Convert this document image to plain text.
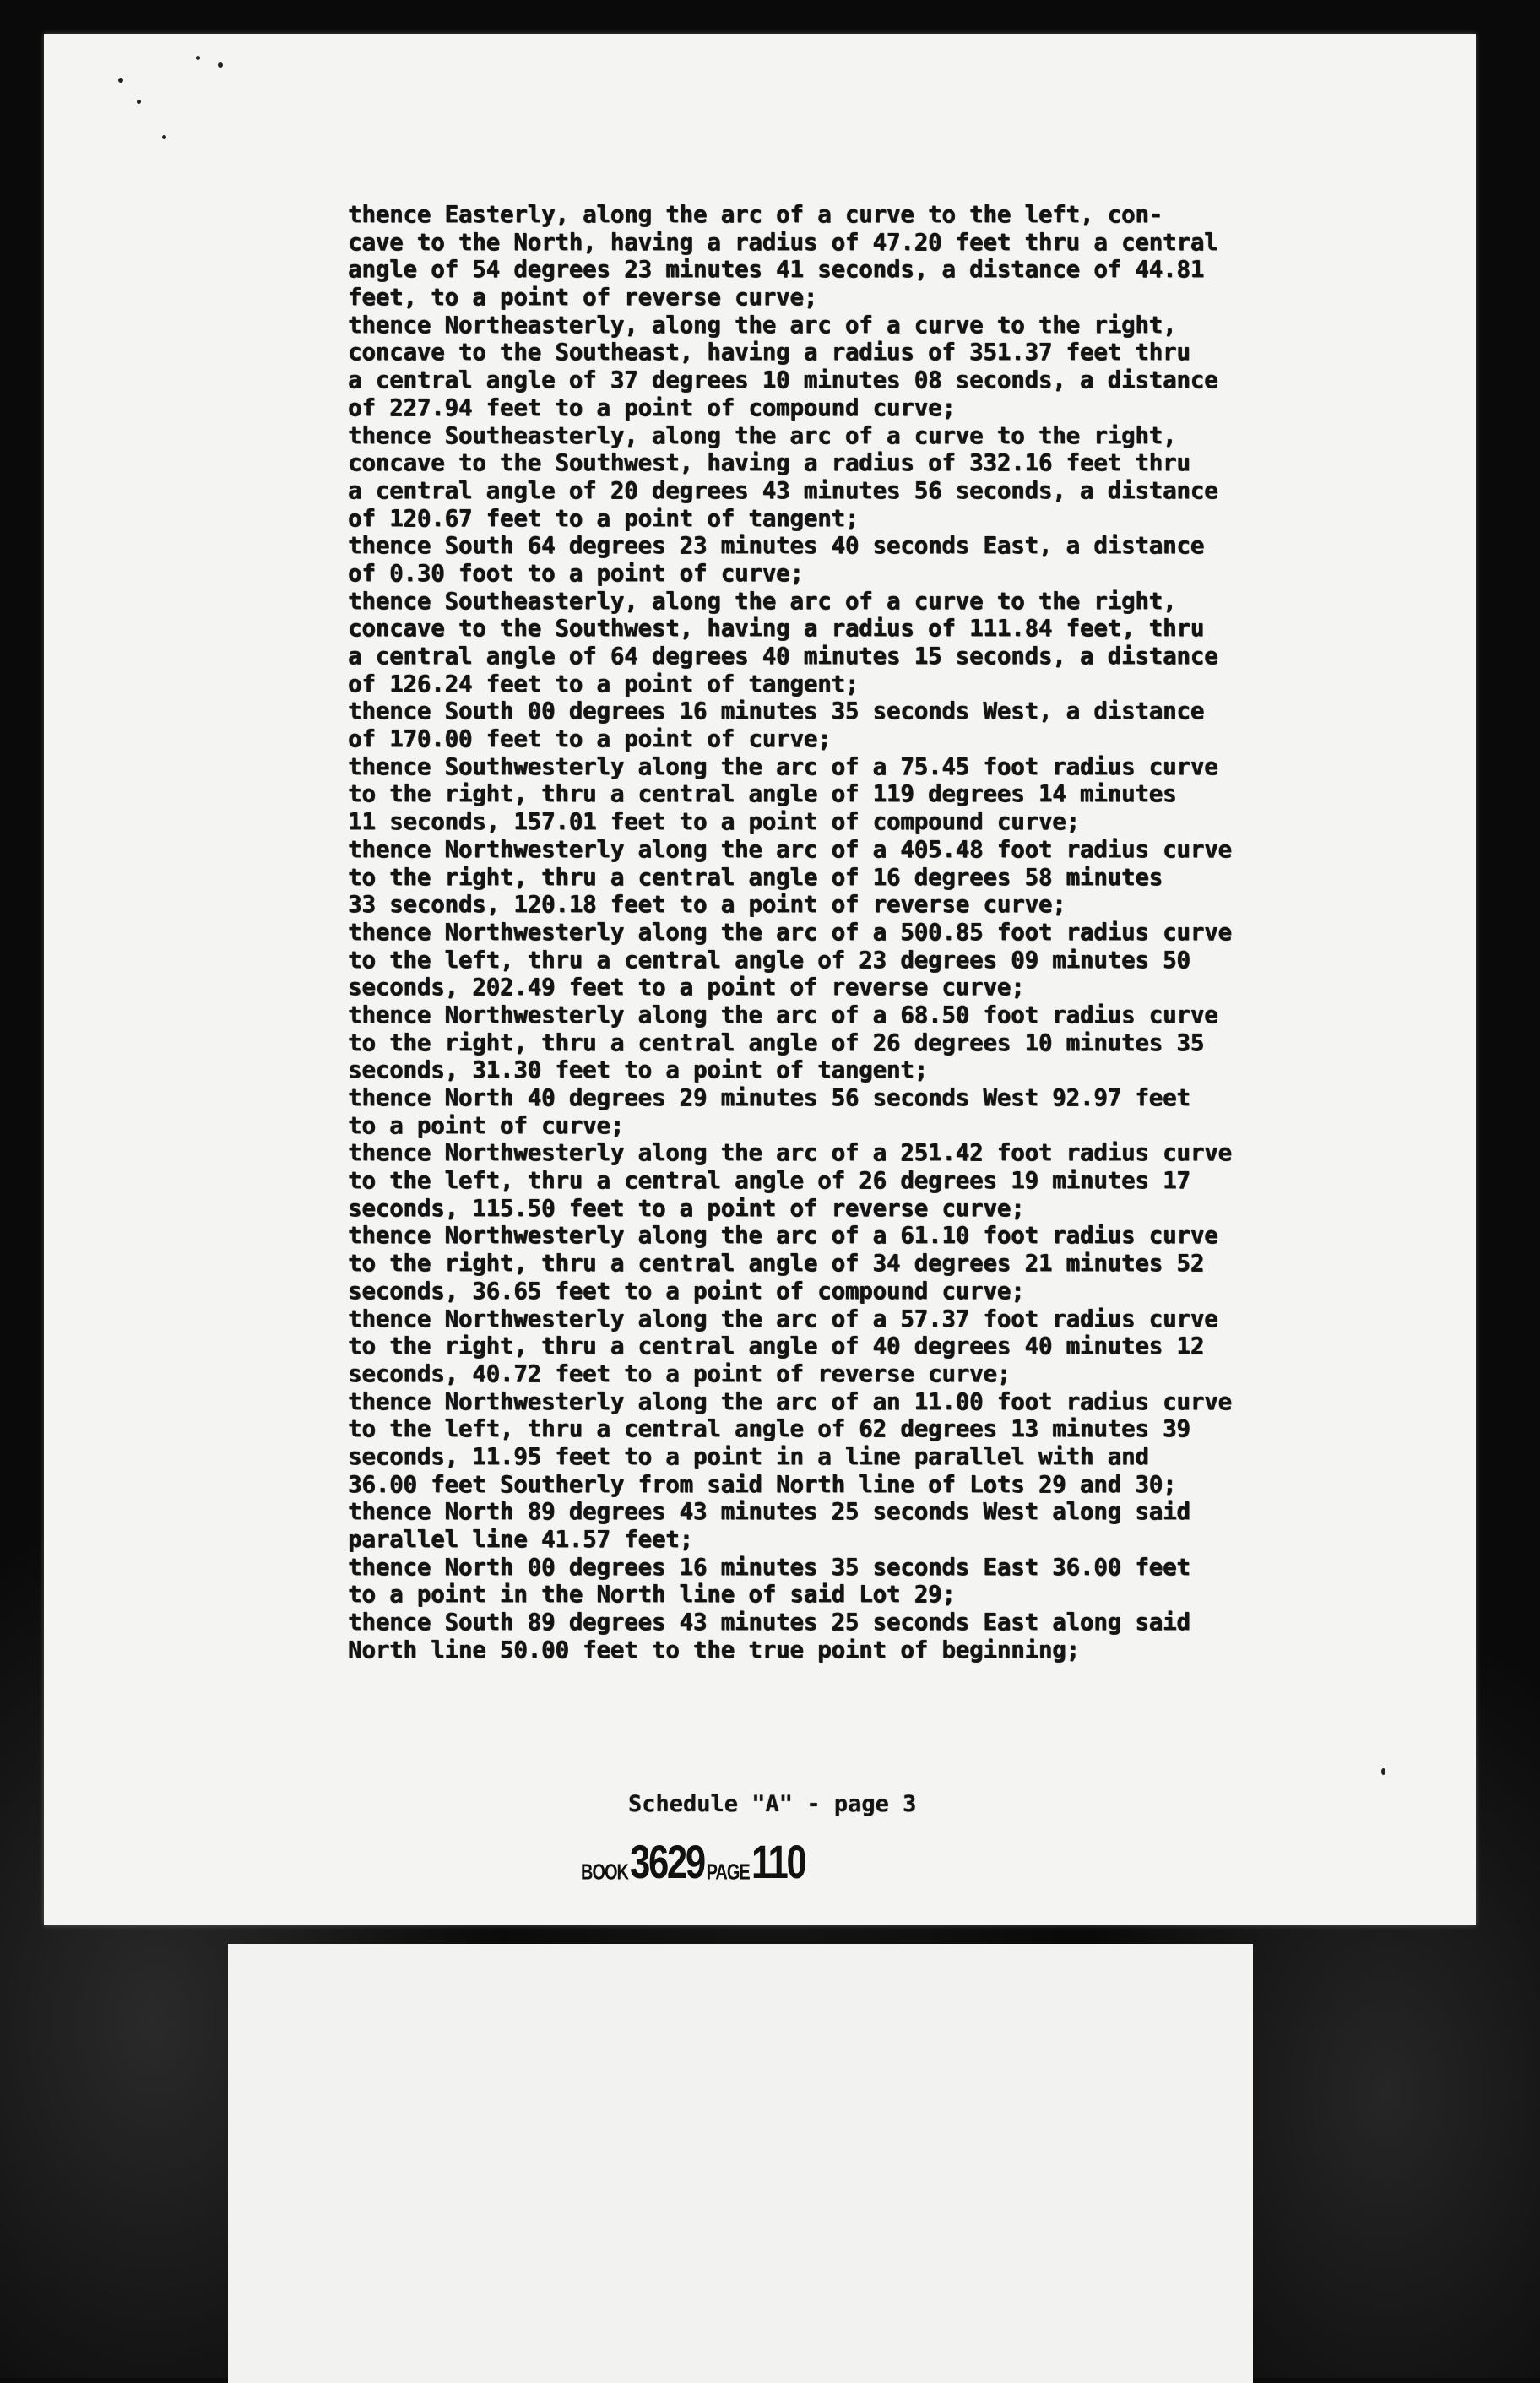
thence Easterly, along the arc of a curve to the left, con-
cave to the North, having a radius of 47.20 feet thru a central
angle of 54 degrees 23 minutes 41 seconds, a distance of 44.81
feet, to a point of reverse curve;
thence Northeasterly, along the arc of a curve to the right,
concave to the Southeast, having a radius of 351.37 feet thru
a central angle of 37 degrees 10 minutes 08 seconds, a distance
of 227.94 feet to a point of compound curve;
thence Southeasterly, along the arc of a curve to the right,
concave to the Southwest, having a radius of 332.16 feet thru
a central angle of 20 degrees 43 minutes 56 seconds, a distance
of 120.67 feet to a point of tangent;
thence South 64 degrees 23 minutes 40 seconds East, a distance
of 0.30 foot to a point of curve;
thence Southeasterly, along the arc of a curve to the right,
concave to the Southwest, having a radius of 111.84 feet, thru
a central angle of 64 degrees 40 minutes 15 seconds, a distance
of 126.24 feet to a point of tangent;
thence South 00 degrees 16 minutes 35 seconds West, a distance
of 170.00 feet to a point of curve;
thence Southwesterly along the arc of a 75.45 foot radius curve
to the right, thru a central angle of 119 degrees 14 minutes
11 seconds, 157.01 feet to a point of compound curve;
thence Northwesterly along the arc of a 405.48 foot radius curve
to the right, thru a central angle of 16 degrees 58 minutes
33 seconds, 120.18 feet to a point of reverse curve;
thence Northwesterly along the arc of a 500.85 foot radius curve
to the left, thru a central angle of 23 degrees 09 minutes 50
seconds, 202.49 feet to a point of reverse curve;
thence Northwesterly along the arc of a 68.50 foot radius curve
to the right, thru a central angle of 26 degrees 10 minutes 35
seconds, 31.30 feet to a point of tangent;
thence North 40 degrees 29 minutes 56 seconds West 92.97 feet
to a point of curve;
thence Northwesterly along the arc of a 251.42 foot radius curve
to the left, thru a central angle of 26 degrees 19 minutes 17
seconds, 115.50 feet to a point of reverse curve;
thence Northwesterly along the arc of a 61.10 foot radius curve
to the right, thru a central angle of 34 degrees 21 minutes 52
seconds, 36.65 feet to a point of compound curve;
thence Northwesterly along the arc of a 57.37 foot radius curve
to the right, thru a central angle of 40 degrees 40 minutes 12
seconds, 40.72 feet to a point of reverse curve;
thence Northwesterly along the arc of an 11.00 foot radius curve
to the left, thru a central angle of 62 degrees 13 minutes 39
seconds, 11.95 feet to a point in a line parallel with and
36.00 feet Southerly from said North line of Lots 29 and 30;
thence North 89 degrees 43 minutes 25 seconds West along said
parallel line 41.57 feet;
thence North 00 degrees 16 minutes 35 seconds East 36.00 feet
to a point in the North line of said Lot 29;
thence South 89 degrees 43 minutes 25 seconds East along said
North line 50.00 feet to the true point of beginning;
Schedule "A" - page 3
BOOK 3629 PAGE 110
